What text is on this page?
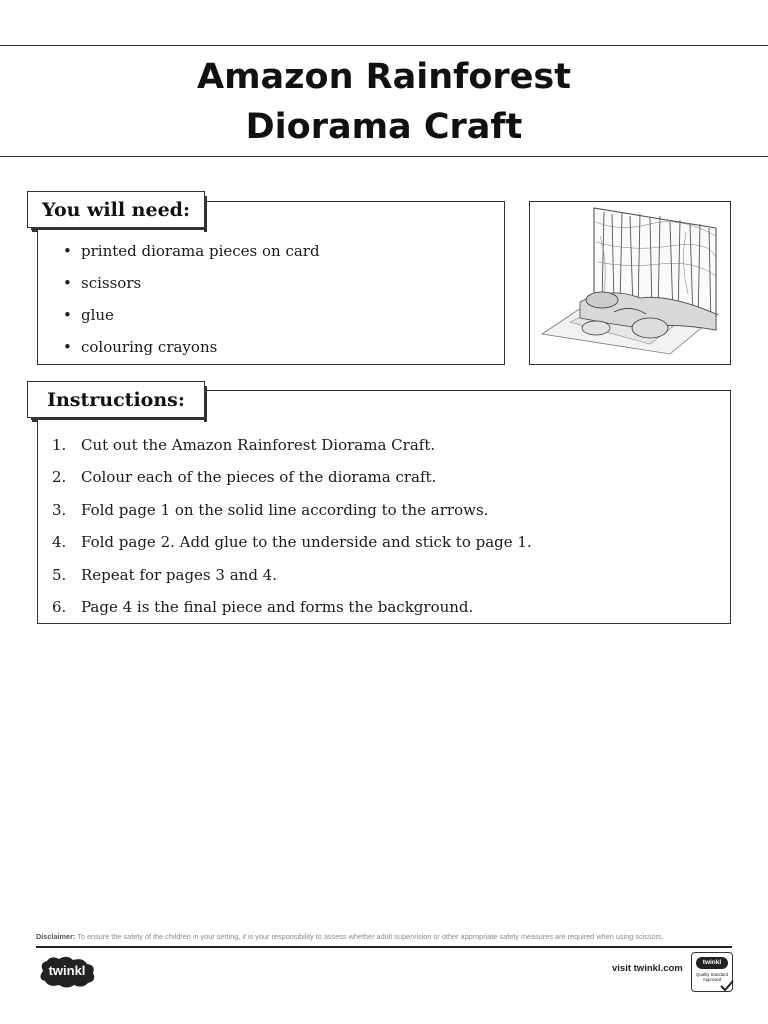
Amazon Rainforest
Diorama Craft
You will need:
• printed diorama pieces on card
• scissors
• glue
• colouring crayons
Instructions:
1. Cut out the Amazon Rainforest Diorama Craft.
2. Colour each of the pieces of the diorama craft.
3. Fold page 1 on the solid line according to the arrows.
4. Fold page 2. Add glue to the underside and stick to page 1.
5. Repeat for pages 3 and 4.
6. Page 4 is the final piece and forms the background.
Disclaimer: To ensure the safety of the children in your setting, it is your responsibility to assess whether adult supervision or other appropriate safety measures are required when using scissors.
twinkl	visit twinkl.com
twinkl
Quality Standard Approved
